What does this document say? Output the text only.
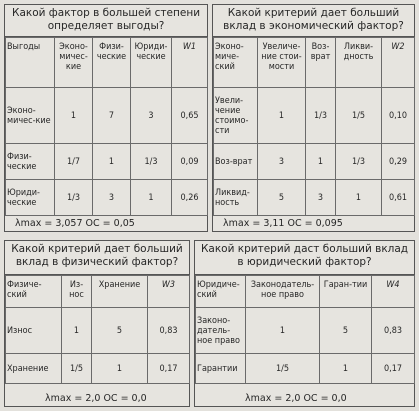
Какой фактор в большей степени определяет выгоды?
Выгоды	Эконо-мичес-кие	Физи-ческие	Юриди-ческие	W1
Эконо-мичес-кие	1	7	3	0,65
Физи-ческие	1/7	1	1/3	0,09
Юриди-ческие	1/3	3	1	0,26
λmax = 3,057 ОС = 0,05
Какой критерий дает больший вклад в экономический фактор?
Эконо-миче-ский	Увеличе-ние стои-мости	Воз-врат	Ликви-дность	W2
Увели-чение стоимо-сти	1	1/3	1/5	0,10
Воз-врат	3	1	1/3	0,29
Ликвид-ность	5	3	1	0,61
λmax = 3,11 ОС = 0,095
Какой критерий дает больший вклад в физический фактор?
Физиче-ский	Из-нос	Хранение	W3
Износ	1	5	0,83
Хранение	1/5	1	0,17
λmax = 2,0 ОС = 0,0
Какой критерий даст больший вклад в юридический фактор?
Юридиче-ский	Законодатель-ное право	Гаран-тии	W4
Законо-датель-ное право	1	5	0,83
Гарантии	1/5	1	0,17
λmax = 2,0 ОС = 0,0
